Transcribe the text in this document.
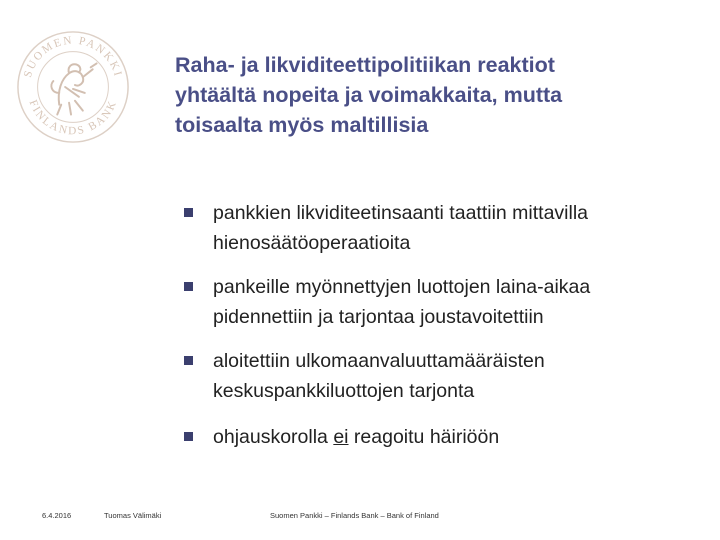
SUOMEN PANKKI
FINLANDS BANK
Raha- ja likviditeettipolitiikan reaktiot
yhtäältä nopeita ja voimakkaita, mutta
toisaalta myös maltillisia
pankkien likviditeetinsaanti taattiin mittavilla
hienosäätöoperaatioita
pankeille myönnettyjen luottojen laina-aikaa
pidennettiin ja tarjontaa joustavoitettiin
aloitettiin ulkomaanvaluuttamääräisten
keskuspankkiluottojen tarjonta
ohjauskorolla ei reagoitu häiriöön
6.4.2016	Tuomas Välimäki	Suomen Pankki – Finlands Bank – Bank of Finland
